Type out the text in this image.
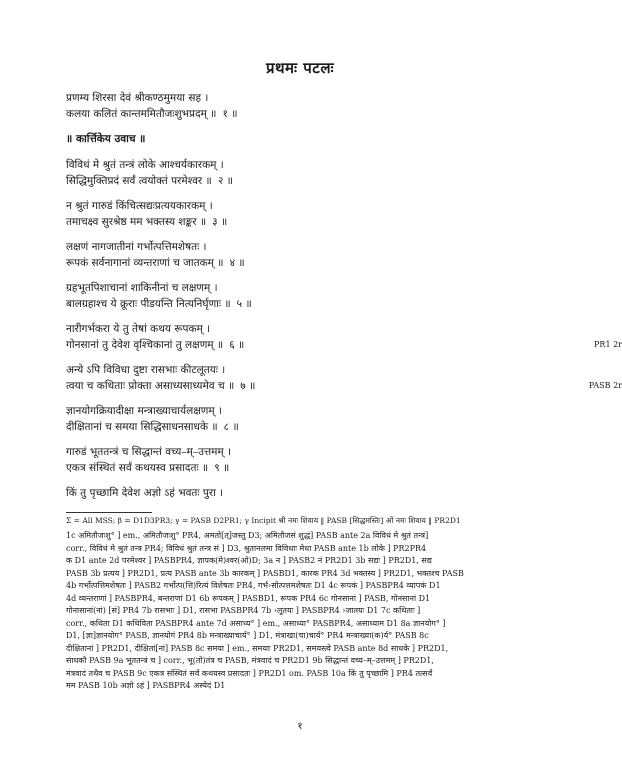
प्रथमः पटलः
प्रणम्य शिरसा देवं श्रीकण्ठमुमया सह ।
कलया कलितं कान्तममितौजःशुभप्रदम् ॥ १ ॥
॥ कार्त्तिकेय उवाच ॥
विविधं मे श्रुतं तन्त्रं लोके आश्चर्यकारकम् ।
सिद्धिमुक्तिप्रदं सर्वं त्वयोक्तं परमेश्वर ॥ २ ॥
न श्रुतं गारुडं किंचित्सद्यःप्रत्ययकारकम् ।
तमाचक्ष्व सुरश्रेष्ठ मम भक्तस्य शङ्कर ॥ ३ ॥
लक्षणं नागजातीनां गर्भोत्पत्तिमशेषतः ।
रूपकं सर्वनागानां व्यन्तराणां च जातकम् ॥ ४ ॥
ग्रहभूतपिशाचानां शाकिनीनां च लक्षणम् ।
बालग्रहाश्च ये क्रूराः पीडयन्ति नित्यनिर्घृणाः ॥ ५ ॥
नारीगर्भकरा ये तु तेषां कथय रूपकम् ।
गोनसानां तु देवेश वृश्चिकानां तु लक्षणम् ॥ ६ ॥	PR1 2r
अन्ये ऽपि विविधा दुष्टा रासभाः कीटलूतयः ।
त्वया च कथिताः प्रोक्ता असाध्यसाध्यमेव च ॥ ७ ॥	PASB 2r
ज्ञानयोगक्रियादीक्षा मन्त्राख्याचार्यलक्षणम् ।
दीक्षितानां च समया सिद्धिसाधनसाधके ॥ ८ ॥
गारुडं भूततन्त्रं च सिद्धान्तं वच्य–म्–उत्तमम् ।
एकत्र संस्थितं सर्वं कथयस्व प्रसादतः ॥ ९ ॥
किं तु पृच्छामि देवेश अज्ञो ऽहं भवतः पुरा ।
Σ = All MSS; β = D1D3PR3; γ = PASB D2PR1; γ Incipit श्री नमः शिवाय ‖ PASB [सिद्धमस्तिः] ओं नमः शिवाय ‖ PR2D1
1c अमितौजःशु° ] em., अमितौजःशु° PR4, अमतो[त्]जस्तु D3; अमितौजसं शुद्धं] PASB ante 2a विविधं मे श्रुतं तन्त्रं]
corr., विविधं मे श्रुतं तन्त्र PR4; विविधं श्रुतं तन्त्र सं ] D3, श्रुतानलमा विविधाः मेधा PASB ante 1b लोके ] PR2PR4
क D1 ante 2d परमेश्वर ] PASBPR4, ज्ञापक(मे)श्वर(ओ)D; 3a न ] PASB2 नं PR2D1 3b सद्यः ] PR2D1, सद्य
PASB 3b प्रत्यय ] PR2D1, प्रत्य PASB ante 3b कारकम् ] PASBD1, कारक PR4 3d भक्तस्य ] PR2D1, भक्तश्च PASB
4b गर्भोत्पत्तिमशेषतः ] PASB2 गर्भोत्प(त्ति)रित्यं विशेषतः PR4, गर्भ›सोत्पत्तमशेषतः D1 4c रूपकं ] PASBPR4 व्यापकं D1
4d व्यन्तराणां ] PASBPR4, बन्तराणां D1 6b रूपकम् ] PASBD1, रूपक PR4 6c गोनसानां ] PASB, गोनसानां D1
गोनासानां(नां) [सं] PR4 7b रासभाः ] D1, रासभा PASBPR4 7b ›लूतयः ] PASBPR4 ›जातयः D1 7c कथिताः ]
corr., कथिता D1 कथिविता PASBPR4 ante 7d असाध्य° ] em., असाध्या° PASBPR4, असाध्याम D1 8a ज्ञानयोग° ]
D1, [ज्ञा]ज्ञानयोग° PASB, ज्ञानयोगं PR4 8b मन्त्राख्याचार्य° ] D1, मंत्राखा(चा)चार्य° PR4 मन्त्राख्या(क)र्य° PASB 8c
दीक्षितानां ] PR2D1, दीक्षितां[नां] PASB 8c समया ] em., समयाः PR2D1, समयस्त्वे PASB ante 8d साधके ] PR2D1,
साधकौ PASB 9a भूततन्त्रं च ] corr., भू(तो)तंत्र च PASB, मंत्रवादं च PR2D1 9b सिद्धान्तं वच्य–म्–उत्तमम् ] PR2D1,
मंत्रवादं तथैव च PASB 9c एकत्र संस्थितं सर्वं कथयस्व प्रसादतः ] PR2D1 om. PASB 10a किं तु पृच्छामि ] PR4 तत्सर्वं
मम PASB 10b अज्ञो ऽहं ] PASBPR4 अस्येदं D1
१
